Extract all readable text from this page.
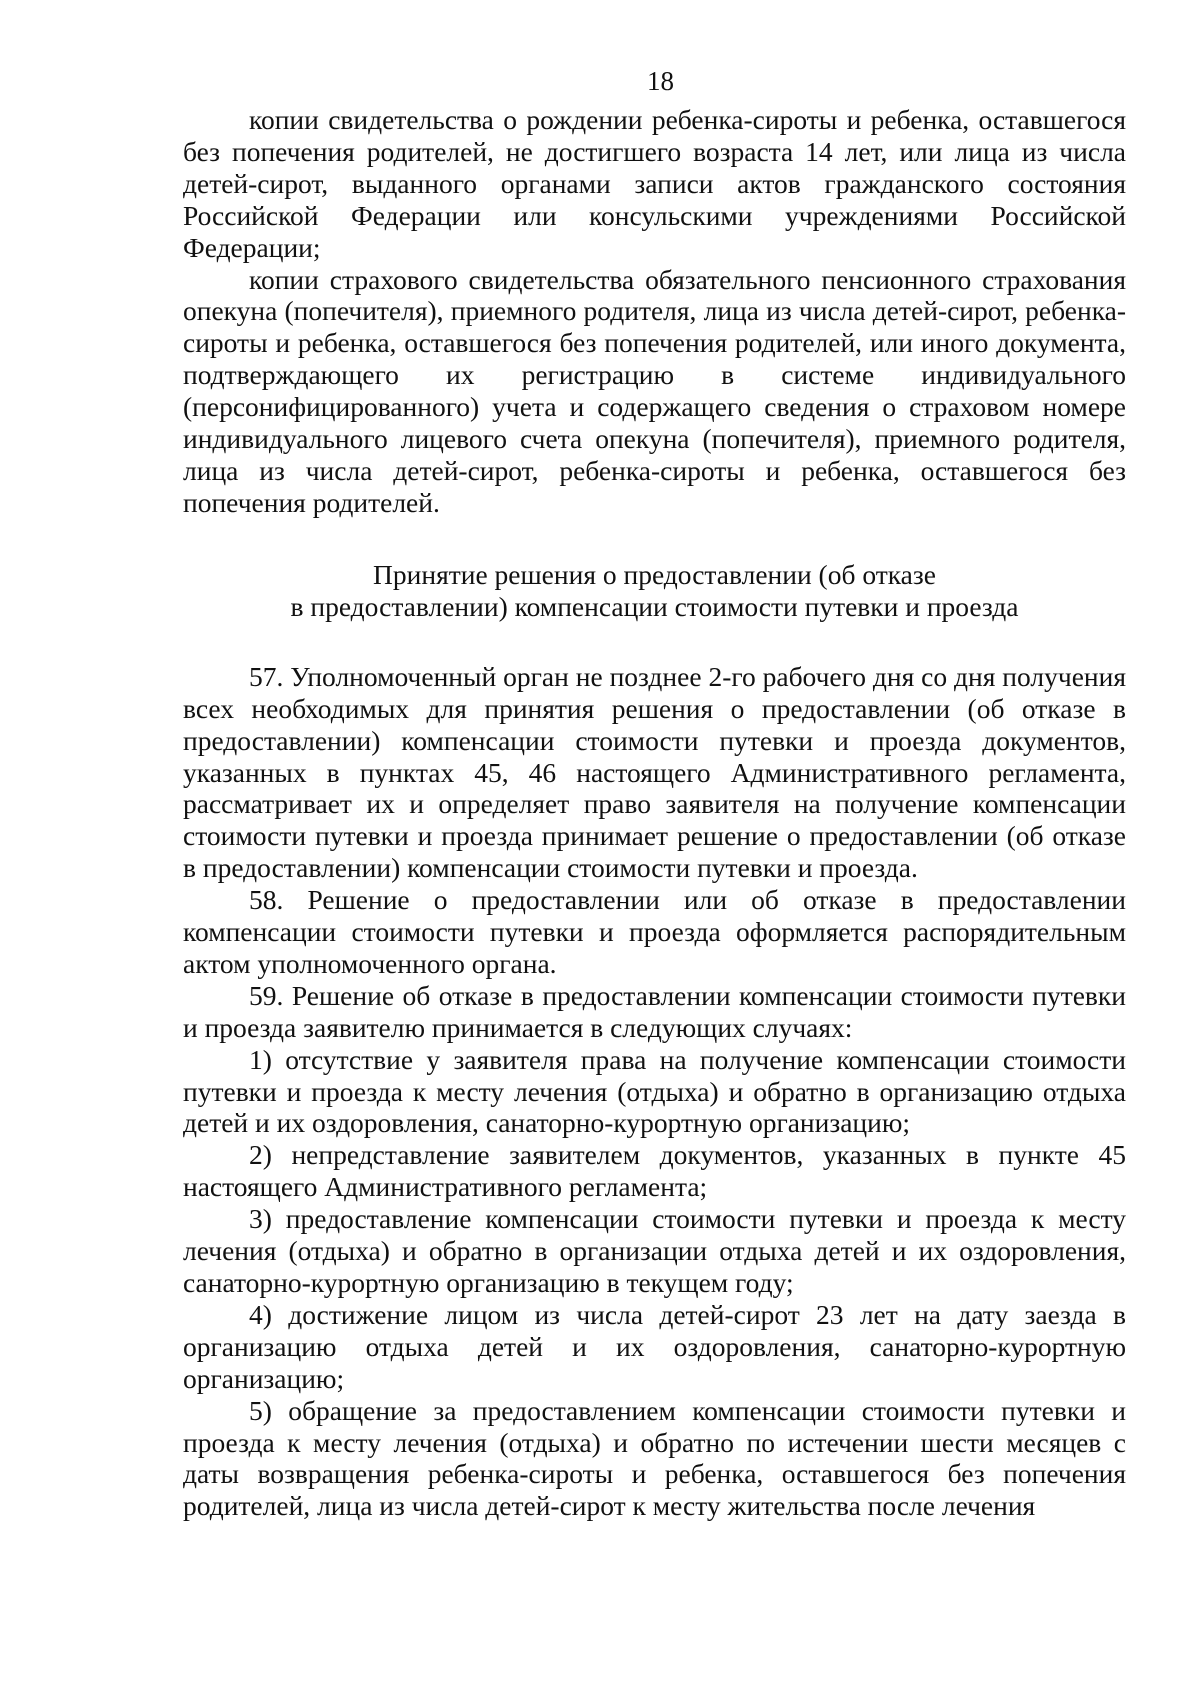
18

копии свидетельства о рождении ребенка-сироты и ребенка, оставшегося без попечения родителей, не достигшего возраста 14 лет, или лица из числа детей-сирот, выданного органами записи актов гражданского состояния Российской Федерации или консульскими учреждениями Российской Федерации;

копии страхового свидетельства обязательного пенсионного страхования опекуна (попечителя), приемного родителя, лица из числа детей-сирот, ребенка-сироты и ребенка, оставшегося без попечения родителей, или иного документа, подтверждающего их регистрацию в системе индивидуального (персонифицированного) учета и содержащего сведения о страховом номере индивидуального лицевого счета опекуна (попечителя), приемного родителя, лица из числа детей-сирот, ребенка-сироты и ребенка, оставшегося без попечения родителей.

Принятие решения о предоставлении (об отказе
в предоставлении) компенсации стоимости путевки и проезда

57. Уполномоченный орган не позднее 2-го рабочего дня со дня получения всех необходимых для принятия решения о предоставлении (об отказе в предоставлении) компенсации стоимости путевки и проезда документов, указанных в пунктах 45, 46 настоящего Административного регламента, рассматривает их и определяет право заявителя на получение компенсации стоимости путевки и проезда принимает решение о предоставлении (об отказе в предоставлении) компенсации стоимости путевки и проезда.

58. Решение о предоставлении или об отказе в предоставлении компенсации стоимости путевки и проезда оформляется распорядительным актом уполномоченного органа.

59. Решение об отказе в предоставлении компенсации стоимости путевки и проезда заявителю принимается в следующих случаях:

1) отсутствие у заявителя права на получение компенсации стоимости путевки и проезда к месту лечения (отдыха) и обратно в организацию отдыха детей и их оздоровления, санаторно-курортную организацию;

2) непредставление заявителем документов, указанных в пункте 45 настоящего Административного регламента;

3) предоставление компенсации стоимости путевки и проезда к месту лечения (отдыха) и обратно в организации отдыха детей и их оздоровления, санаторно-курортную организацию в текущем году;

4) достижение лицом из числа детей-сирот 23 лет на дату заезда в организацию отдыха детей и их оздоровления, санаторно-курортную организацию;

5) обращение за предоставлением компенсации стоимости путевки и проезда к месту лечения (отдыха) и обратно по истечении шести месяцев с даты возвращения ребенка-сироты и ребенка, оставшегося без попечения родителей, лица из числа детей-сирот к месту жительства после лечения
